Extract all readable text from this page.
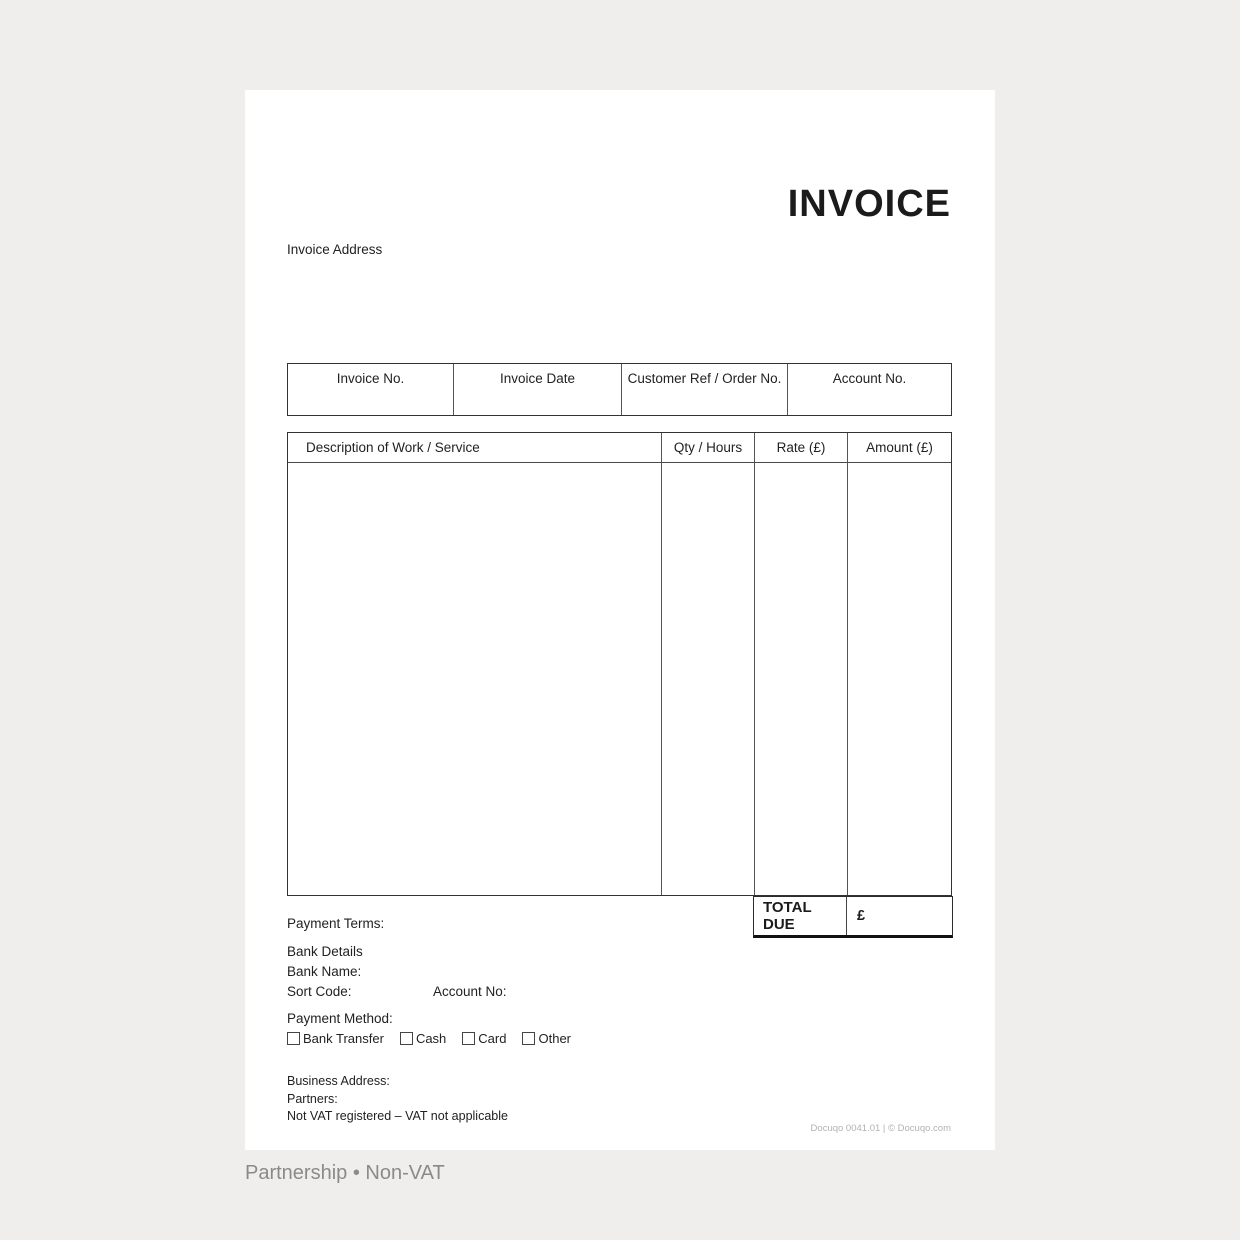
INVOICE
Invoice Address
Invoice No.	Invoice Date	Customer Ref / Order No.	Account No.
Description of Work / Service	Qty / Hours	Rate (£)	Amount (£)
TOTAL DUE	£
Payment Terms:
Bank Details
Bank Name:
Sort Code:	Account No:
Payment Method:
Bank Transfer Cash Card Other
Business Address:
Partners:
Not VAT registered – VAT not applicable
Docuqo 0041.01 | © Docuqo.com
Partnership • Non-VAT
